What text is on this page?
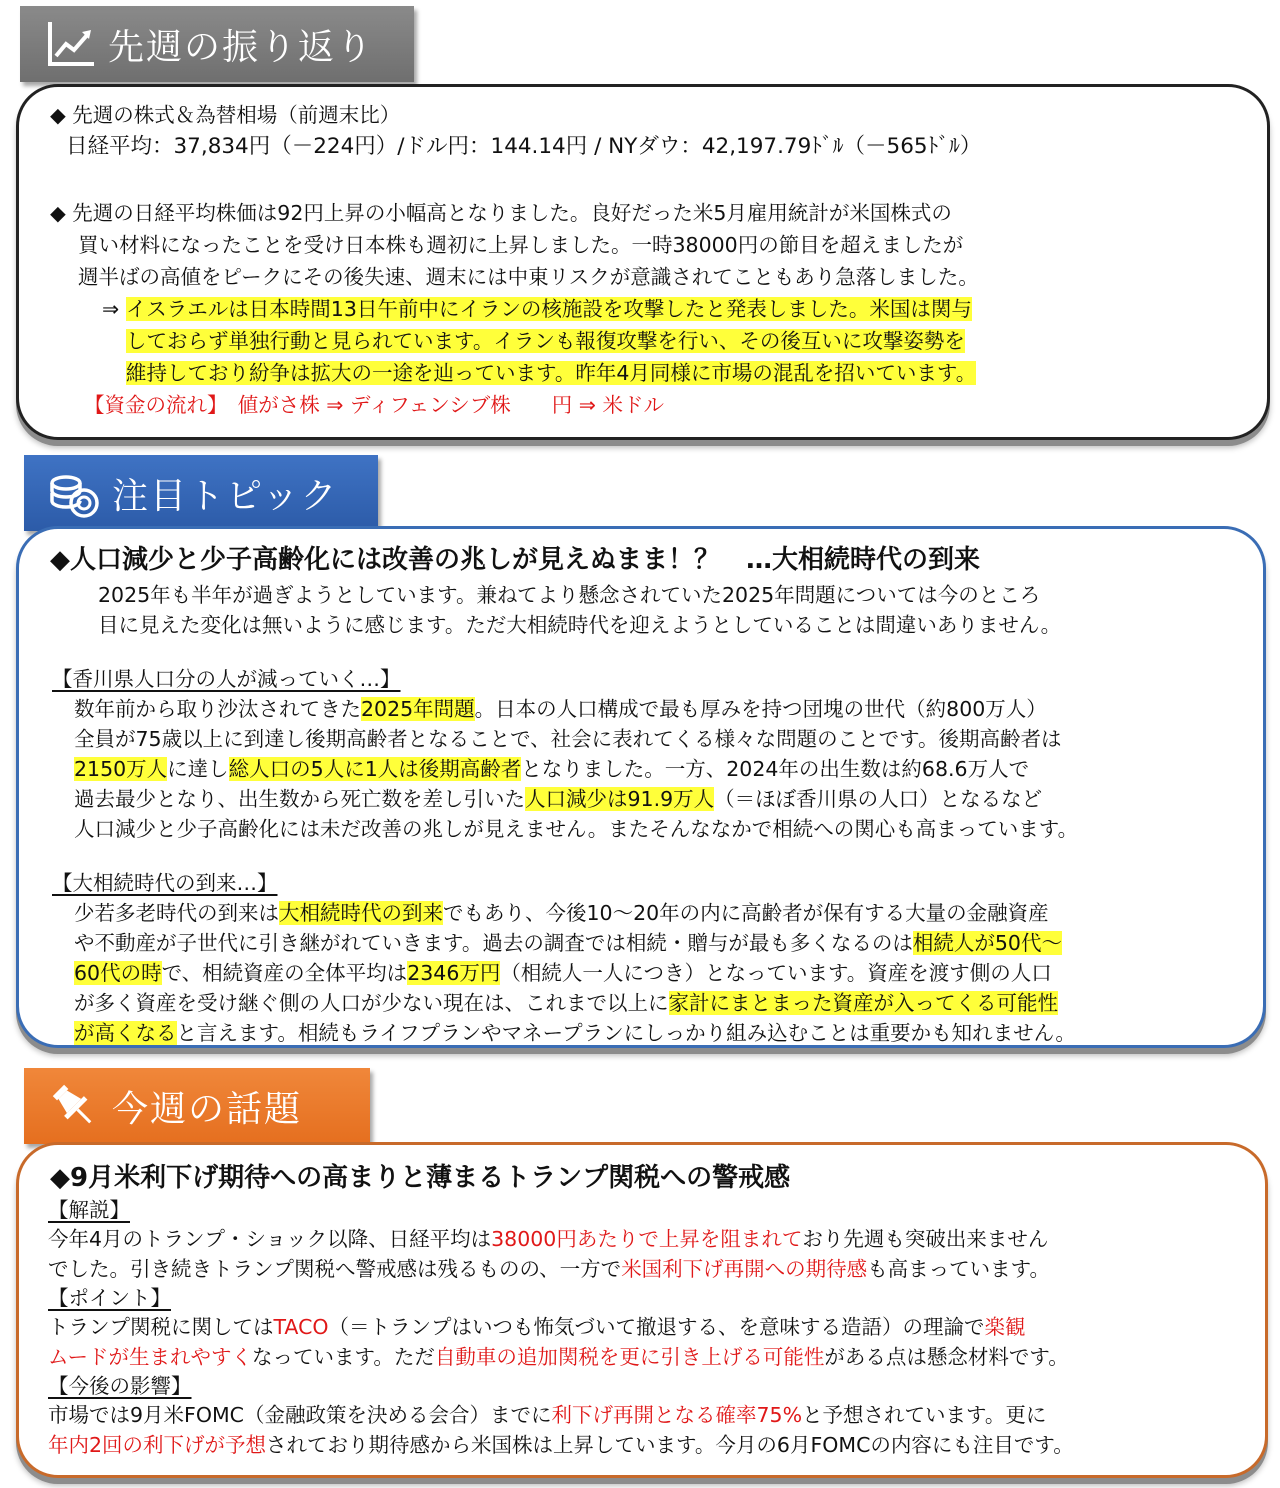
先週の振り返り
◆ 先週の株式＆為替相場（前週末比）
日経平均：37,834円（－224円）/ドル円：144.14円 / NYダウ：42,197.79ﾄﾞﾙ（－565ﾄﾞﾙ）
◆ 先週の日経平均株価は92円上昇の小幅高となりました。良好だった米5月雇用統計が米国株式の
買い材料になったことを受け日本株も週初に上昇しました。一時38000円の節目を超えましたが
週半ばの高値をピークにその後失速、週末には中東リスクが意識されてこともあり急落しました。
⇒ イスラエルは日本時間13日午前中にイランの核施設を攻撃したと発表しました。米国は関与
しておらず単独行動と見られています。イランも報復攻撃を行い、その後互いに攻撃姿勢を
維持しており紛争は拡大の一途を辿っています。昨年4月同様に市場の混乱を招いています。
【資金の流れ】　値がさ株 ⇒ ディフェンシブ株　　円 ⇒ 米ドル
注目トピック
◆人口減少と少子高齢化には改善の兆しが見えぬまま！？　…大相続時代の到来
2025年も半年が過ぎようとしています。兼ねてより懸念されていた2025年問題については今のところ
目に見えた変化は無いように感じます。ただ大相続時代を迎えようとしていることは間違いありません。
【香川県人口分の人が減っていく…】
数年前から取り沙汰されてきた2025年問題。日本の人口構成で最も厚みを持つ団塊の世代（約800万人）
全員が75歳以上に到達し後期高齢者となることで、社会に表れてくる様々な問題のことです。後期高齢者は
2150万人に達し総人口の5人に1人は後期高齢者となりました。一方、2024年の出生数は約68.6万人で
過去最少となり、出生数から死亡数を差し引いた人口減少は91.9万人（＝ほぼ香川県の人口）となるなど
人口減少と少子高齢化には未だ改善の兆しが見えません。またそんななかで相続への関心も高まっています。
【大相続時代の到来…】
少若多老時代の到来は大相続時代の到来でもあり、今後10～20年の内に高齢者が保有する大量の金融資産
や不動産が子世代に引き継がれていきます。過去の調査では相続・贈与が最も多くなるのは相続人が50代～
60代の時で、相続資産の全体平均は2346万円（相続人一人につき）となっています。資産を渡す側の人口
が多く資産を受け継ぐ側の人口が少ない現在は、これまで以上に家計にまとまった資産が入ってくる可能性
が高くなると言えます。相続もライフプランやマネープランにしっかり組み込むことは重要かも知れません。
今週の話題
◆9月米利下げ期待への高まりと薄まるトランプ関税への警戒感
【解説】
今年4月のトランプ・ショック以降、日経平均は38000円あたりで上昇を阻まれており先週も突破出来ません
でした。引き続きトランプ関税へ警戒感は残るものの、一方で米国利下げ再開への期待感も高まっています。
【ポイント】
トランプ関税に関してはTACO（＝トランプはいつも怖気づいて撤退する、を意味する造語）の理論で楽観
ムードが生まれやすくなっています。ただ自動車の追加関税を更に引き上げる可能性がある点は懸念材料です。
【今後の影響】
市場では9月米FOMC（金融政策を決める会合）までに利下げ再開となる確率75%と予想されています。更に
年内2回の利下げが予想されており期待感から米国株は上昇しています。今月の6月FOMCの内容にも注目です。
